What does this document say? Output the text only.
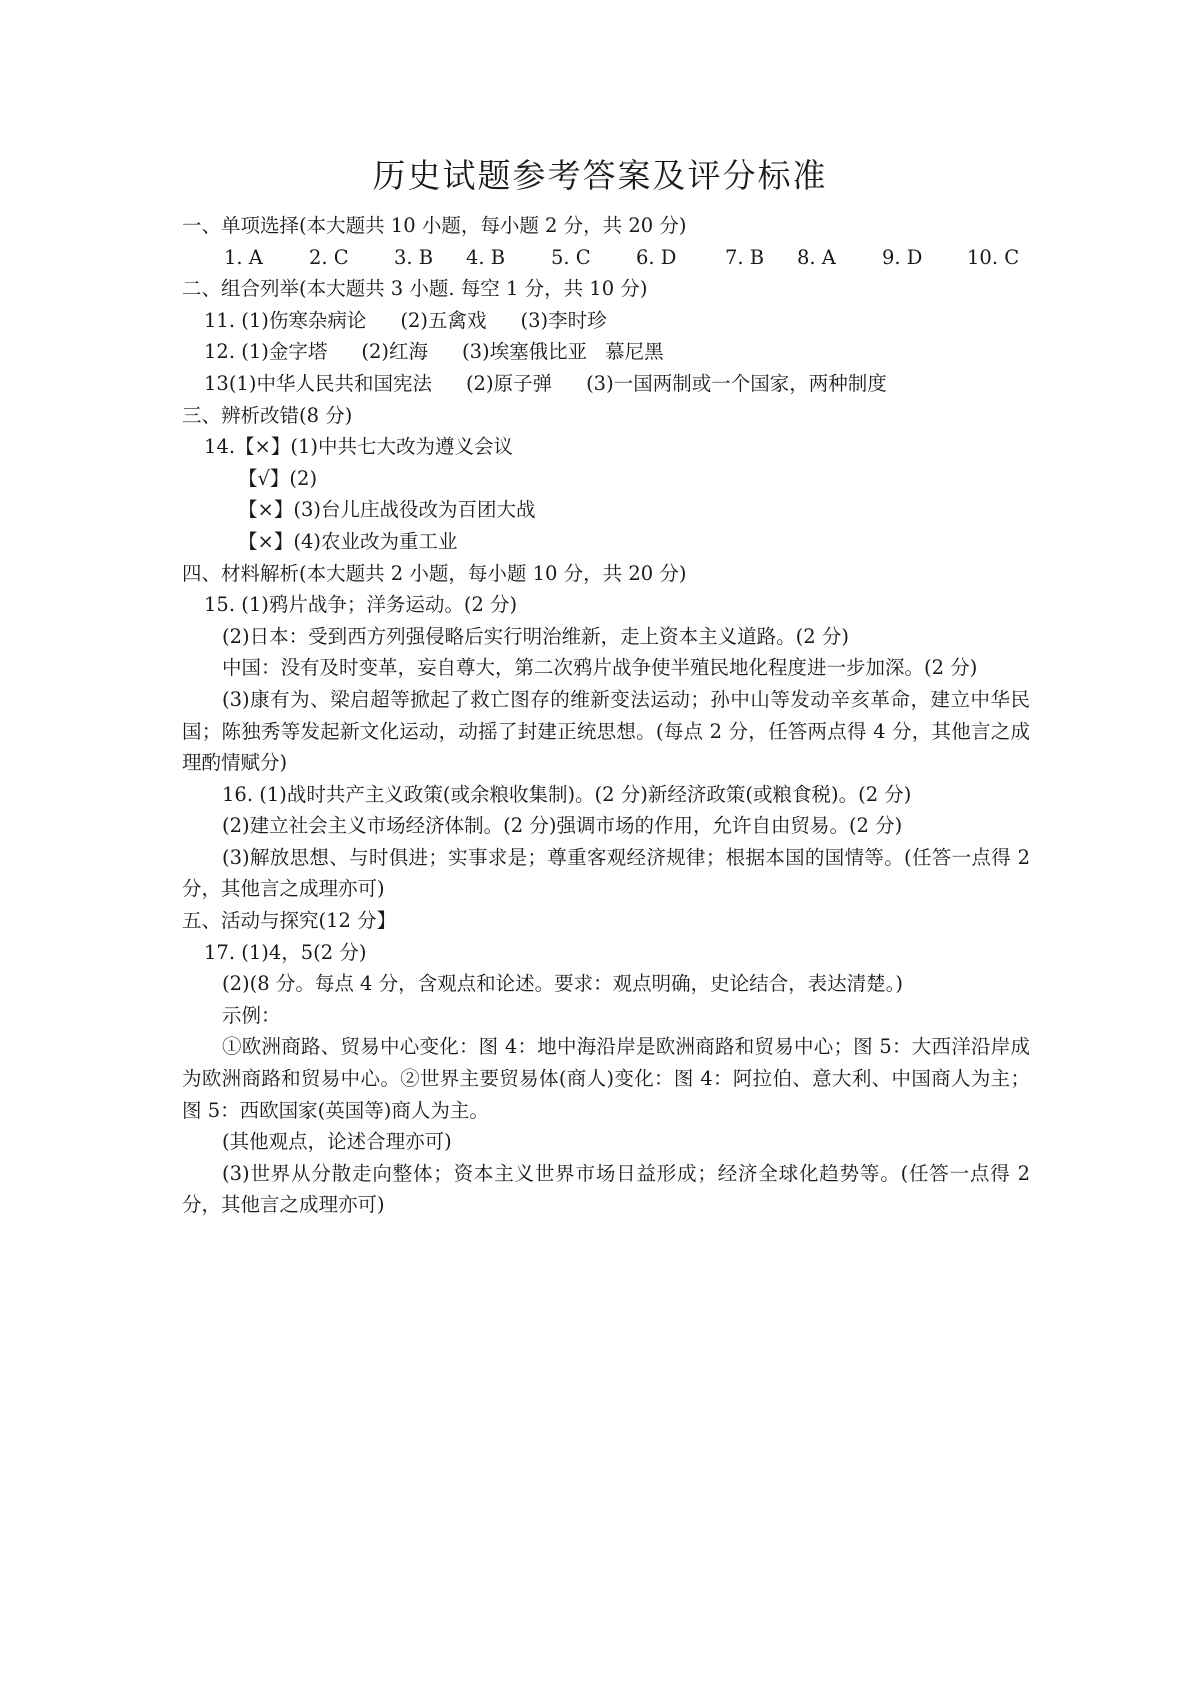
历史试题参考答案及评分标准
一、单项选择(本大题共 10 小题，每小题 2 分，共 20 分)
1. A	2. C	3. B	4. B	5. C	6. D	7. B	8. A	9. D	10. C
二、组合列举(本大题共 3 小题. 每空 1 分，共 10 分)
11. (1)伤寒杂病论 (2)五禽戏 (3)李时珍
12. (1)金字塔 (2)红海 (3)埃塞俄比亚 慕尼黑
13(1)中华人民共和国宪法 (2)原子弹 (3)一国两制或一个国家，两种制度
三、辨析改错(8 分)
14.【×】(1)中共七大改为遵义会议
【√】(2)
【×】(3)台儿庄战役改为百团大战
【×】(4)农业改为重工业
四、材料解析(本大题共 2 小题，每小题 10 分，共 20 分)
15. (1)鸦片战争；洋务运动。(2 分)
(2)日本：受到西方列强侵略后实行明治维新，走上资本主义道路。(2 分)
中国：没有及时变革，妄自尊大，第二次鸦片战争使半殖民地化程度进一步加深。(2 分)
(3)康有为、梁启超等掀起了救亡图存的维新变法运动；孙中山等发动辛亥革命，建立中华民国；陈独秀等发起新文化运动，动摇了封建正统思想。(每点 2 分，任答两点得 4 分，其他言之成理酌情赋分)
16. (1)战时共产主义政策(或余粮收集制)。(2 分)新经济政策(或粮食税)。(2 分)
(2)建立社会主义市场经济体制。(2 分)强调市场的作用，允许自由贸易。(2 分)
(3)解放思想、与时俱进；实事求是；尊重客观经济规律；根据本国的国情等。(任答一点得 2 分，其他言之成理亦可)
五、活动与探究(12 分】
17. (1)4，5(2 分)
(2)(8 分。每点 4 分，含观点和论述。要求：观点明确，史论结合，表达清楚。)
示例：
①欧洲商路、贸易中心变化：图 4：地中海沿岸是欧洲商路和贸易中心；图 5：大西洋沿岸成为欧洲商路和贸易中心。②世界主要贸易体(商人)变化：图 4：阿拉伯、意大利、中国商人为主；图 5：西欧国家(英国等)商人为主。
(其他观点，论述合理亦可)
(3)世界从分散走向整体；资本主义世界市场日益形成；经济全球化趋势等。(任答一点得 2 分，其他言之成理亦可)
